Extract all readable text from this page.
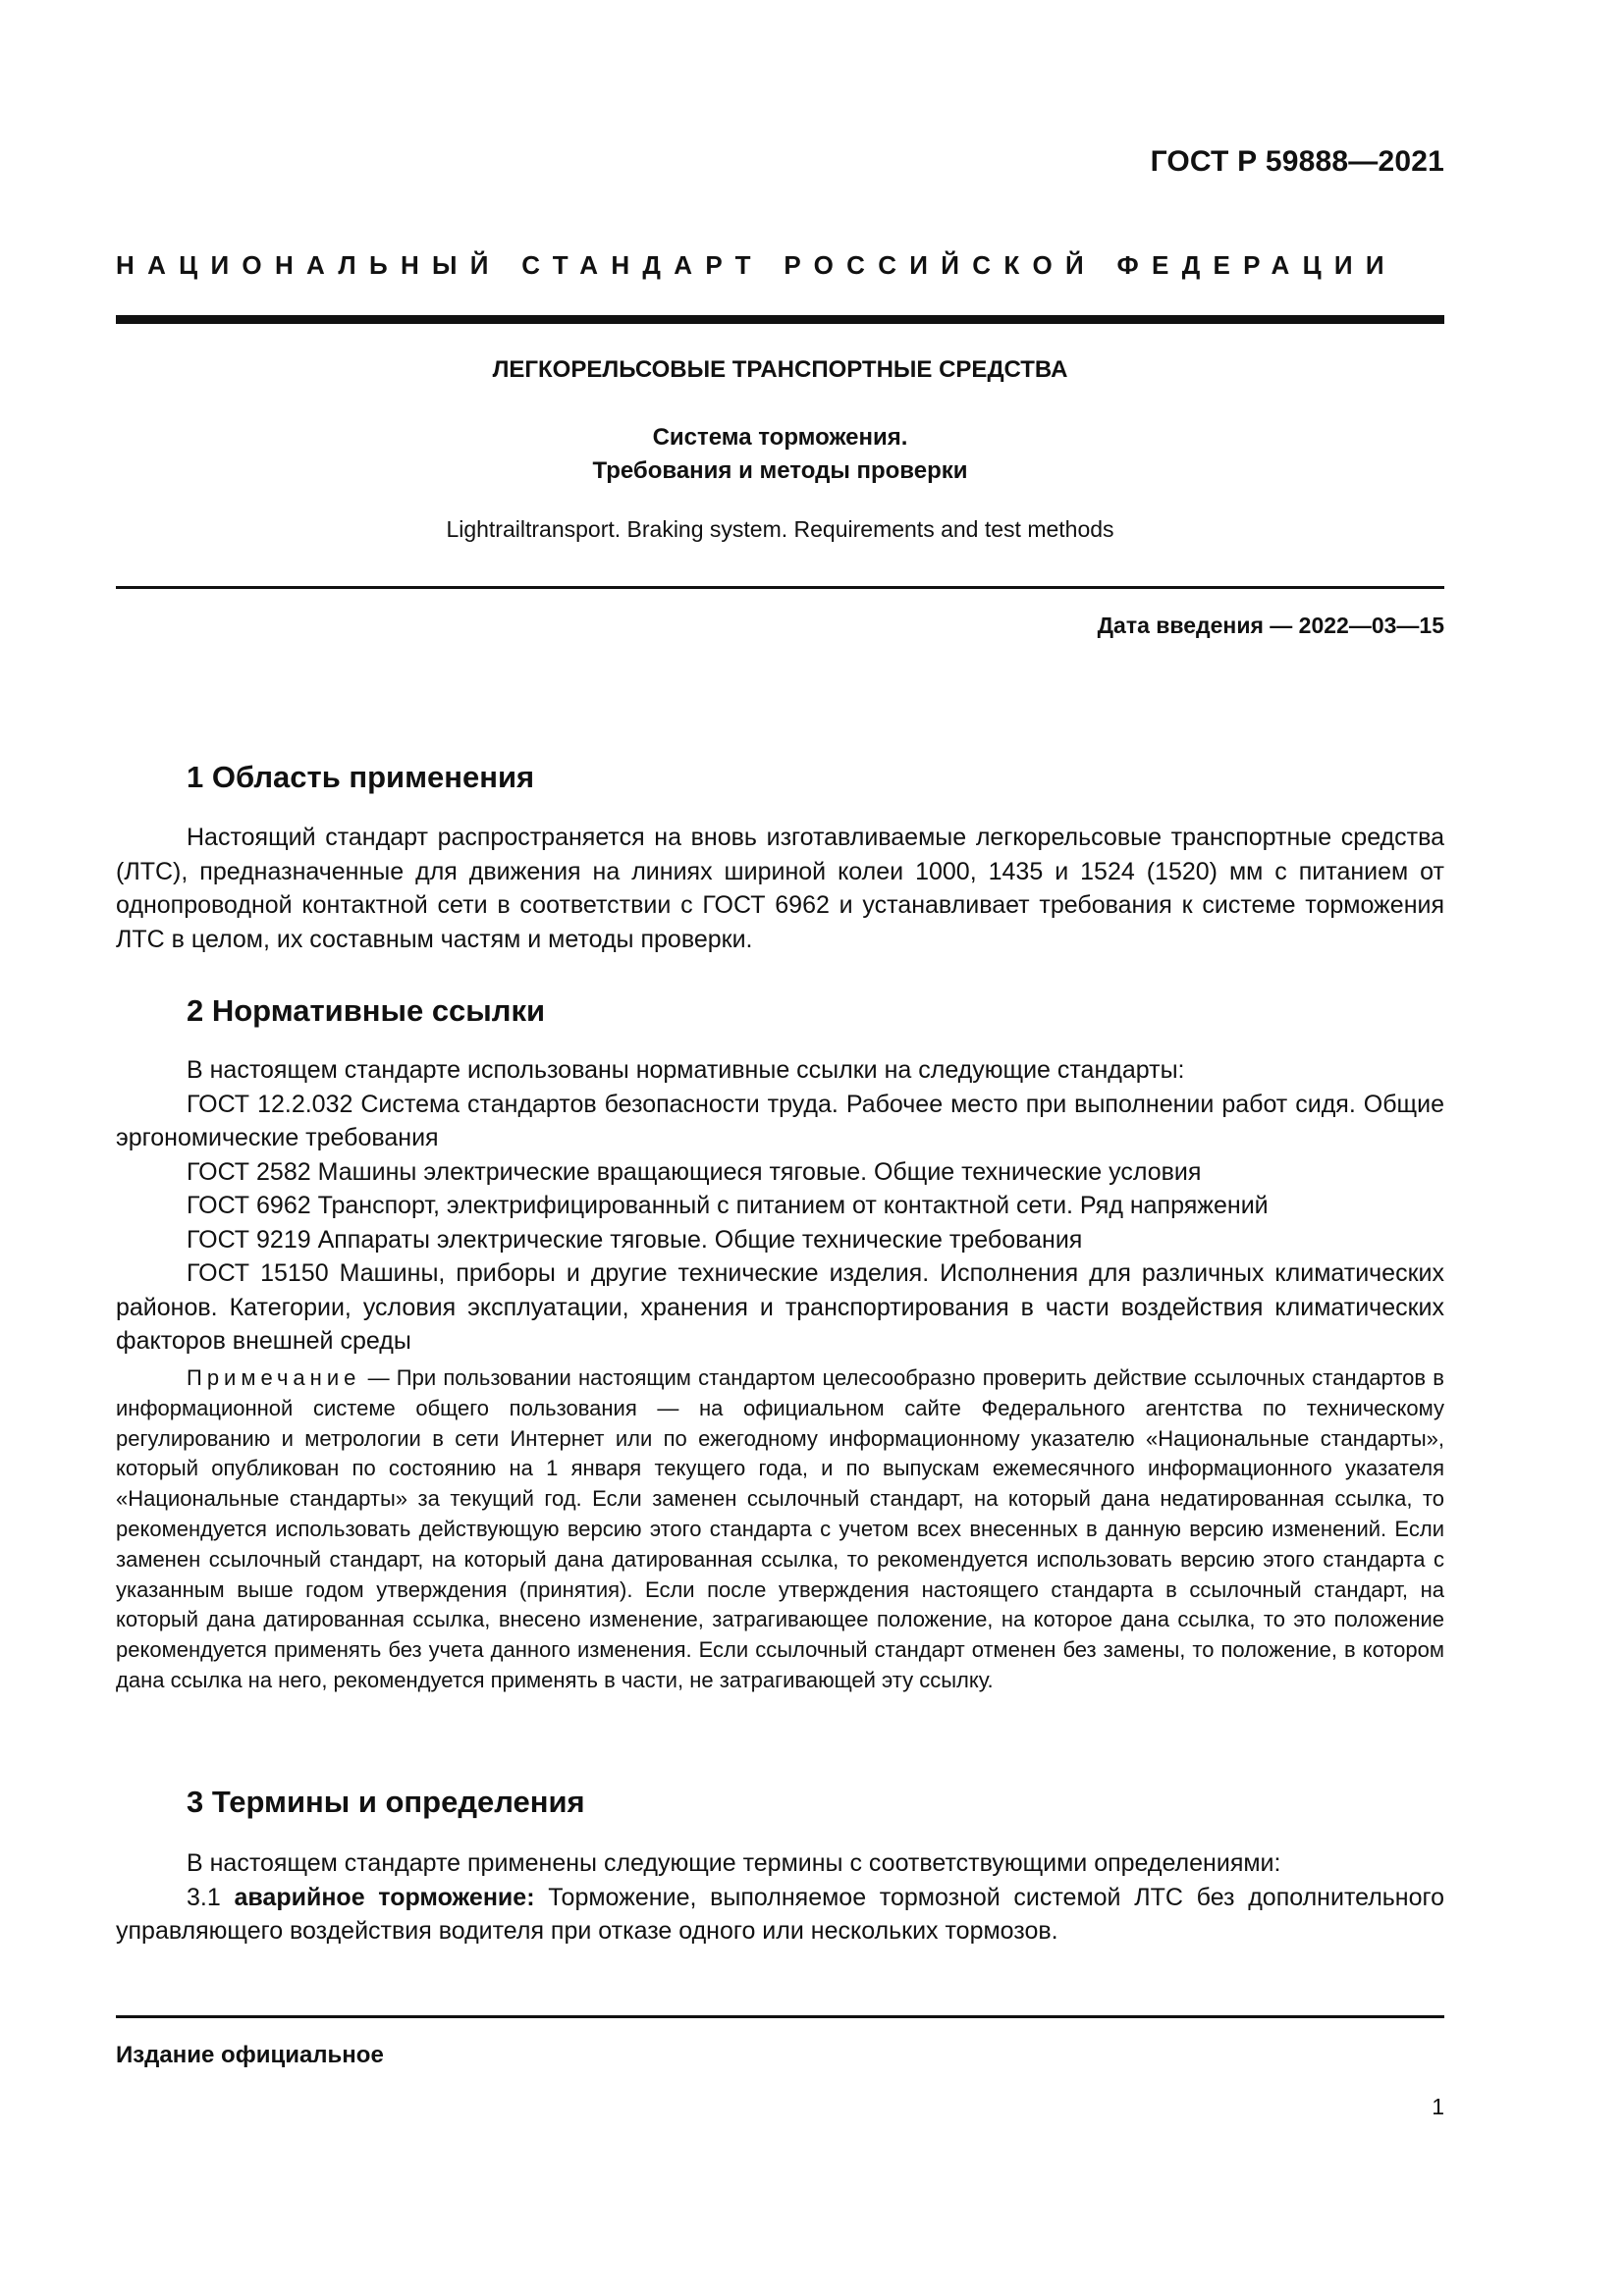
ГОСТ Р 59888—2021
НАЦИОНАЛЬНЫЙ СТАНДАРТ РОССИЙСКОЙ ФЕДЕРАЦИИ
ЛЕГКОРЕЛЬСОВЫЕ ТРАНСПОРТНЫЕ СРЕДСТВА
Система торможения.
Требования и методы проверки
Lightrailtransport. Braking system. Requirements and test methods
Дата введения — 2022—03—15
1 Область применения

Настоящий стандарт распространяется на вновь изготавливаемые легкорельсовые транспортные средства (ЛТС), предназначенные для движения на линиях шириной колеи 1000, 1435 и 1524 (1520) мм с питанием от однопроводной контактной сети в соответствии с ГОСТ 6962 и устанавливает требования к системе торможения ЛТС в целом, их составным частям и методы проверки.

2 Нормативные ссылки

В настоящем стандарте использованы нормативные ссылки на следующие стандарты:

ГОСТ 12.2.032 Система стандартов безопасности труда. Рабочее место при выполнении работ сидя. Общие эргономические требования

ГОСТ 2582 Машины электрические вращающиеся тяговые. Общие технические условия

ГОСТ 6962 Транспорт, электрифицированный с питанием от контактной сети. Ряд напряжений

ГОСТ 9219 Аппараты электрические тяговые. Общие технические требования

ГОСТ 15150 Машины, приборы и другие технические изделия. Исполнения для различных климатических районов. Категории, условия эксплуатации, хранения и транспортирования в части воздействия климатических факторов внешней среды

Примечание — При пользовании настоящим стандартом целесообразно проверить действие ссылочных стандартов в информационной системе общего пользования — на официальном сайте Федерального агентства по техническому регулированию и метрологии в сети Интернет или по ежегодному информационному указателю «Национальные стандарты», который опубликован по состоянию на 1 января текущего года, и по выпускам ежемесячного информационного указателя «Национальные стандарты» за текущий год. Если заменен ссылочный стандарт, на который дана недатированная ссылка, то рекомендуется использовать действующую версию этого стандарта с учетом всех внесенных в данную версию изменений. Если заменен ссылочный стандарт, на который дана датированная ссылка, то рекомендуется использовать версию этого стандарта с указанным выше годом утверждения (принятия). Если после утверждения настоящего стандарта в ссылочный стандарт, на который дана датированная ссылка, внесено изменение, затрагивающее положение, на которое дана ссылка, то это положение рекомендуется применять без учета данного изменения. Если ссылочный стандарт отменен без замены, то положение, в котором дана ссылка на него, рекомендуется применять в части, не затрагивающей эту ссылку.

3 Термины и определения

В настоящем стандарте применены следующие термины с соответствующими определениями:

3.1 аварийное торможение: Торможение, выполняемое тормозной системой ЛТС без дополнительного управляющего воздействия водителя при отказе одного или нескольких тормозов.

Издание официальное
1
